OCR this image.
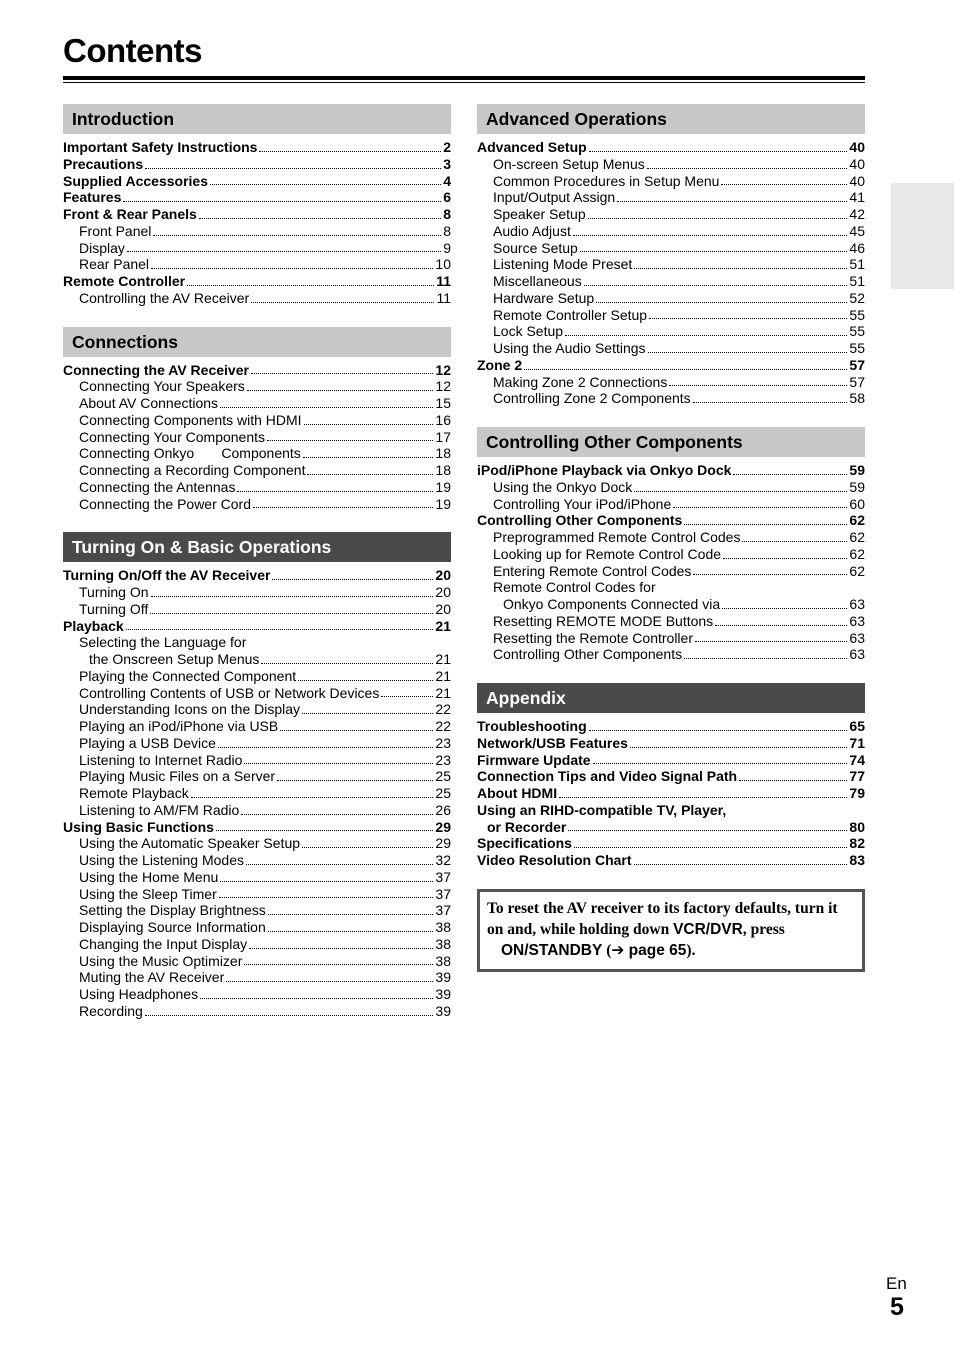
Contents
Introduction
Important Safety Instructions	2
Precautions	3
Supplied Accessories	4
Features	6
Front & Rear Panels	8
Front Panel	8
Display	9
Rear Panel	10
Remote Controller	11
Controlling the AV Receiver	11
Connections
Connecting the AV Receiver	12
Connecting Your Speakers	12
About AV Connections	15
Connecting Components with HDMI	16
Connecting Your Components	17
Connecting Onkyo       Components	18
Connecting a Recording Component	18
Connecting the Antennas	19
Connecting the Power Cord	19
Turning On & Basic Operations
Turning On/Off the AV Receiver	20
Turning On	20
Turning Off	20
Playback	21
Selecting the Language for
the Onscreen Setup Menus	21
Playing the Connected Component	21
Controlling Contents of USB or Network Devices	21
Understanding Icons on the Display	22
Playing an iPod/iPhone via USB	22
Playing a USB Device	23
Listening to Internet Radio	23
Playing Music Files on a Server	25
Remote Playback	25
Listening to AM/FM Radio	26
Using Basic Functions	29
Using the Automatic Speaker Setup	29
Using the Listening Modes	32
Using the Home Menu	37
Using the Sleep Timer	37
Setting the Display Brightness	37
Displaying Source Information	38
Changing the Input Display	38
Using the Music Optimizer	38
Muting the AV Receiver	39
Using Headphones	39
Recording	39
Advanced Operations
Advanced Setup	40
On-screen Setup Menus	40
Common Procedures in Setup Menu	40
Input/Output Assign	41
Speaker Setup	42
Audio Adjust	45
Source Setup	46
Listening Mode Preset	51
Miscellaneous	51
Hardware Setup	52
Remote Controller Setup	55
Lock Setup	55
Using the Audio Settings	55
Zone 2	57
Making Zone 2 Connections	57
Controlling Zone 2 Components	58
Controlling Other Components
iPod/iPhone Playback via Onkyo Dock	59
Using the Onkyo Dock	59
Controlling Your iPod/iPhone	60
Controlling Other Components	62
Preprogrammed Remote Control Codes	62
Looking up for Remote Control Code	62
Entering Remote Control Codes	62
Remote Control Codes for
Onkyo Components Connected via	63
Resetting REMOTE MODE Buttons	63
Resetting the Remote Controller	63
Controlling Other Components	63
Appendix
Troubleshooting	65
Network/USB Features	71
Firmware Update	74
Connection Tips and Video Signal Path	77
About HDMI	79
Using an RIHD-compatible TV, Player,
or Recorder	80
Specifications	82
Video Resolution Chart	83
To reset the AV receiver to its factory defaults, turn it on and, while holding down VCR/DVR, press
ON/STANDBY (➔ page 65).
En
5
